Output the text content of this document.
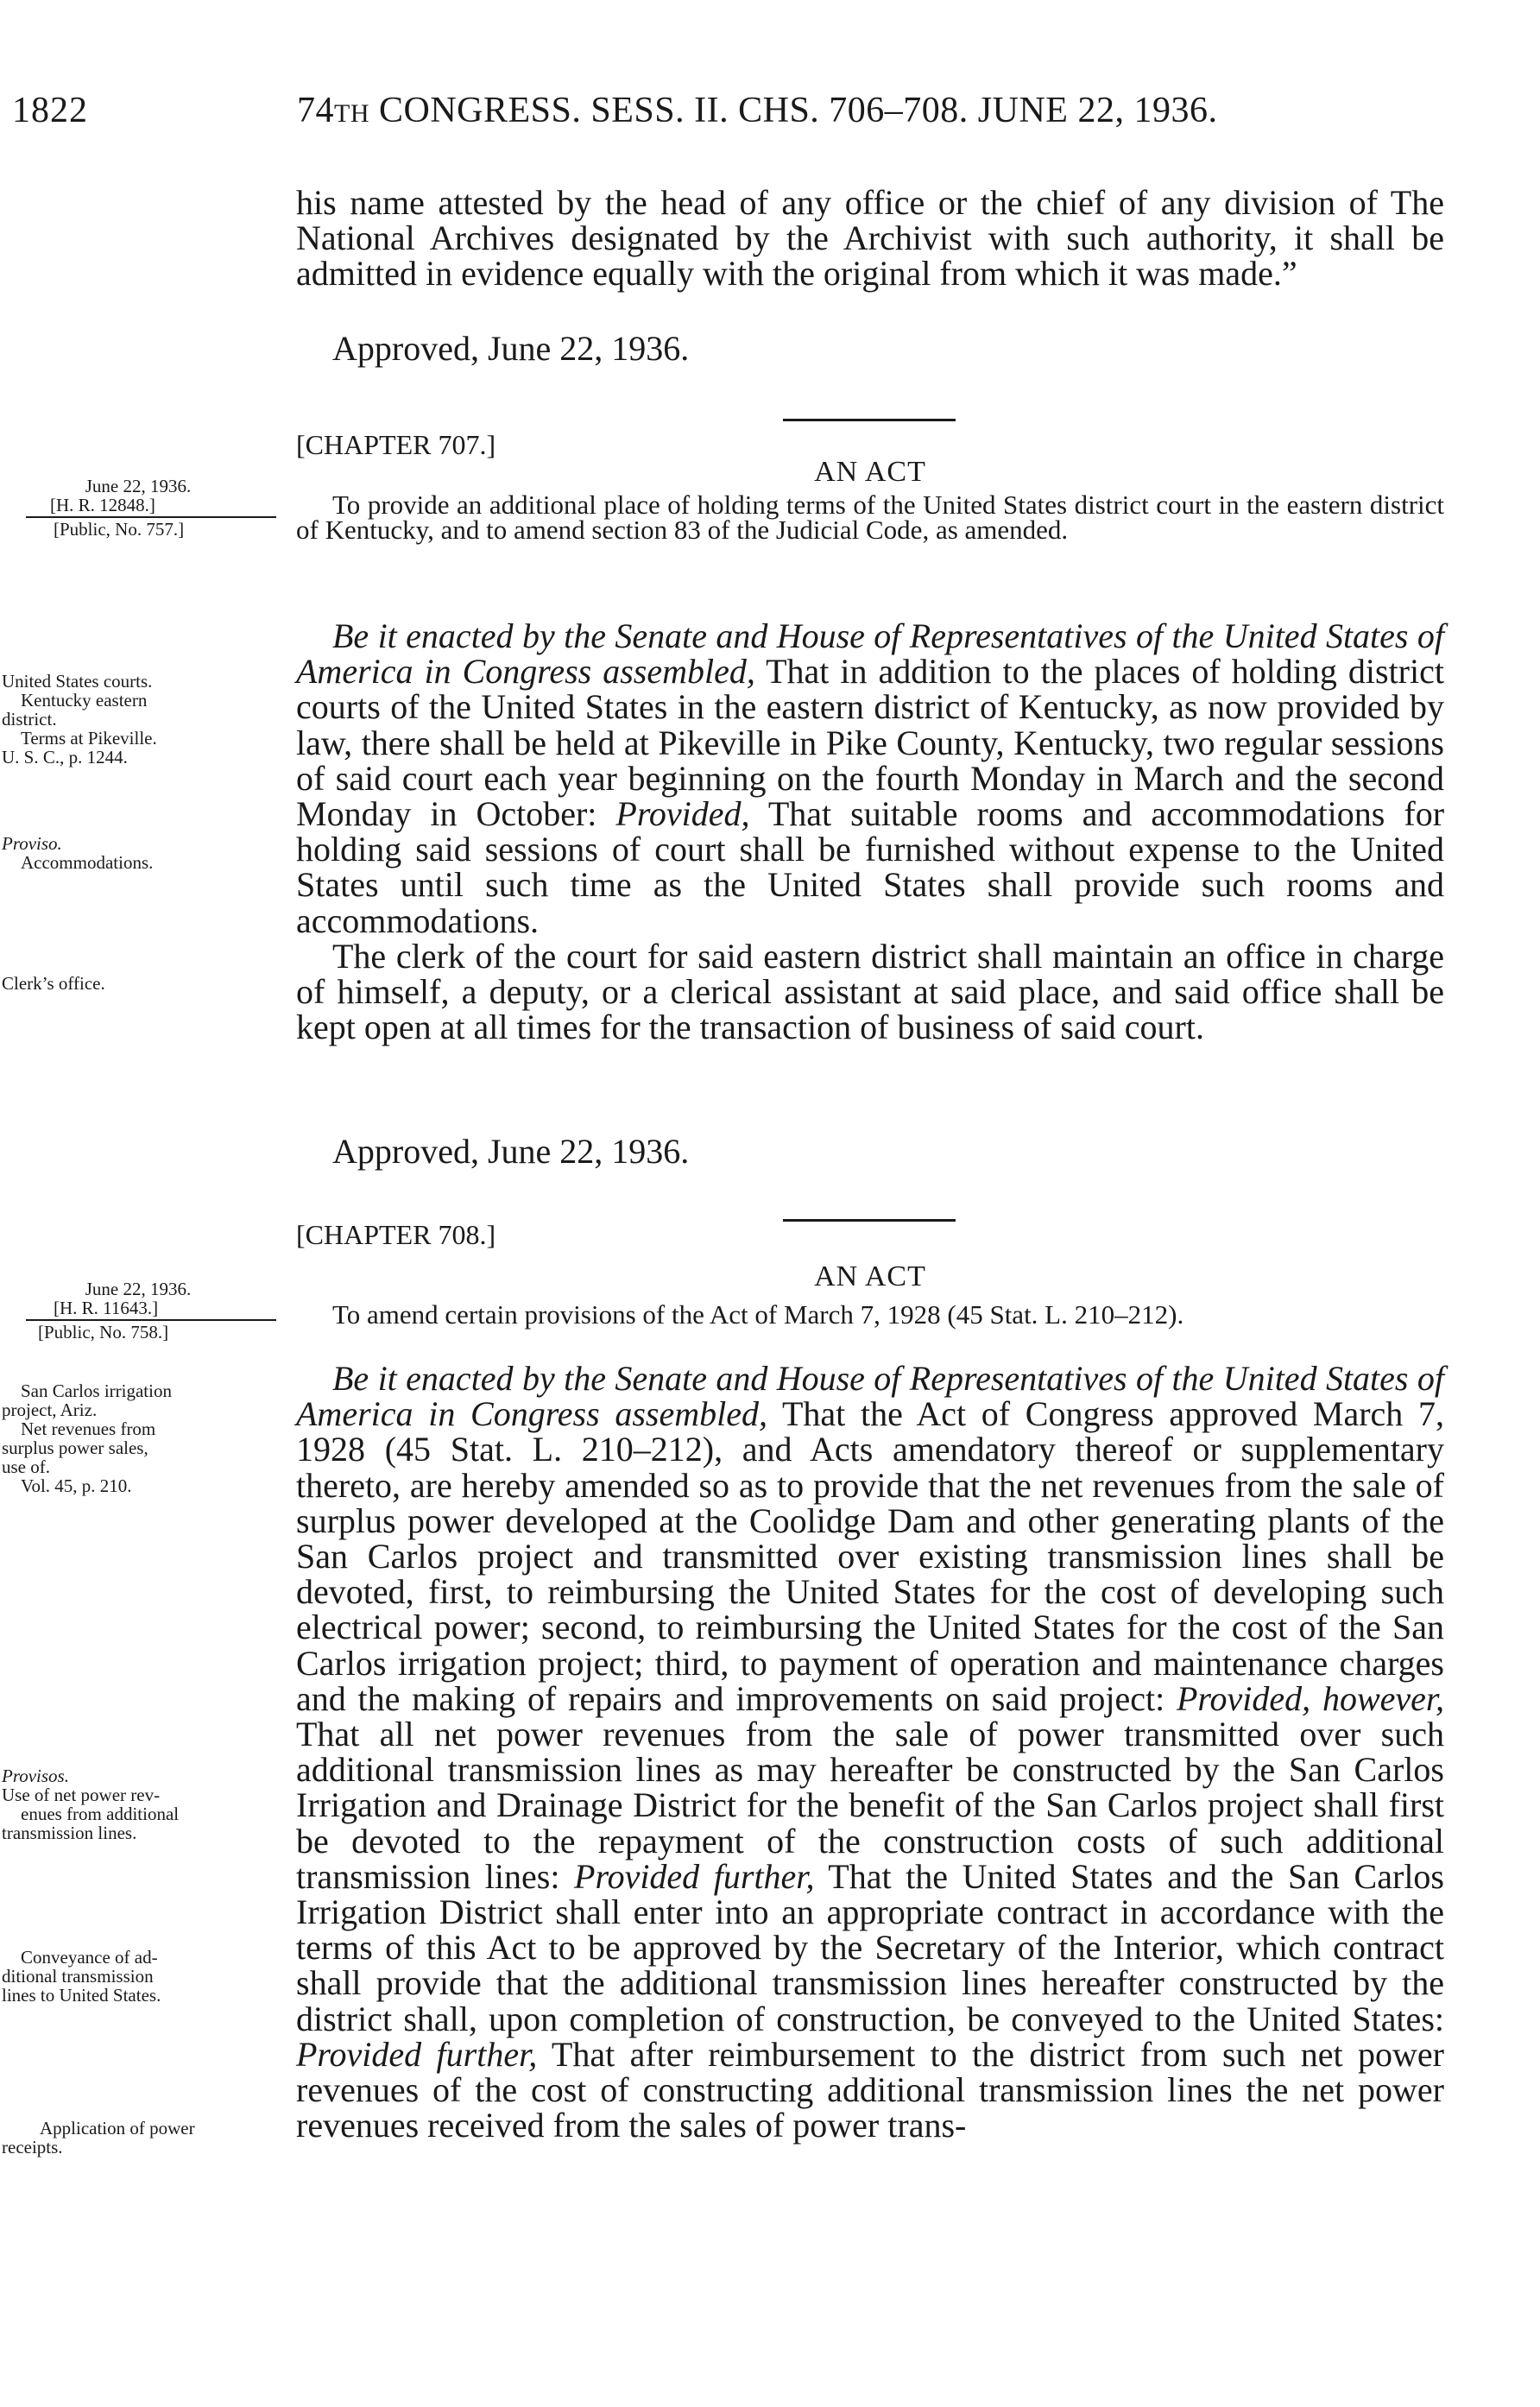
1822	74TH CONGRESS. SESS. II. CHS. 706–708. JUNE 22, 1936.

his name attested by the head of any office or the chief of any division of The National Archives designated by the Archivist with such authority, it shall be admitted in evidence equally with the original from which it was made.”

Approved, June 22, 1936.

[CHAPTER 707.]

AN ACT

June 22, 1936.
[H. R. 12848.]
[Public, No. 757.]

To provide an additional place of holding terms of the United States district court in the eastern district of Kentucky, and to amend section 83 of the Judicial Code, as amended.

Be it enacted by the Senate and House of Representatives of the United States of America in Congress assembled, That in addition to the places of holding district courts of the United States in the eastern district of Kentucky, as now provided by law, there shall be held at Pikeville in Pike County, Kentucky, two regular sessions of said court each year beginning on the fourth Monday in March and the second Monday in October: Provided, That suitable rooms and accommodations for holding said sessions of court shall be furnished without expense to the United States until such time as the United States shall provide such rooms and accommodations.

The clerk of the court for said eastern district shall maintain an office in charge of himself, a deputy, or a clerical assistant at said place, and said office shall be kept open at all times for the transaction of business of said court.

Approved, June 22, 1936.

United States courts.
Kentucky eastern
district.
Terms at Pikeville.
U. S. C., p. 1244.
Proviso.
Accommodations.
Clerk’s office.

[CHAPTER 708.]

AN ACT

June 22, 1936.
[H. R. 11643.]
[Public, No. 758.]

To amend certain provisions of the Act of March 7, 1928 (45 Stat. L. 210–212).

Be it enacted by the Senate and House of Representatives of the United States of America in Congress assembled, That the Act of Congress approved March 7, 1928 (45 Stat. L. 210–212), and Acts amendatory thereof or supplementary thereto, are hereby amended so as to provide that the net revenues from the sale of surplus power developed at the Coolidge Dam and other generating plants of the San Carlos project and transmitted over existing transmission lines shall be devoted, first, to reimbursing the United States for the cost of developing such electrical power; second, to reimbursing the United States for the cost of the San Carlos irrigation project; third, to payment of operation and maintenance charges and the making of repairs and improvements on said project: Provided, however, That all net power revenues from the sale of power transmitted over such additional transmission lines as may hereafter be constructed by the San Carlos Irrigation and Drainage District for the benefit of the San Carlos project shall first be devoted to the repayment of the construction costs of such additional transmission lines: Provided further, That the United States and the San Carlos Irrigation District shall enter into an appropriate contract in accordance with the terms of this Act to be approved by the Secretary of the Interior, which contract shall provide that the additional transmission lines hereafter constructed by the district shall, upon completion of construction, be conveyed to the United States: Provided further, That after reimbursement to the district from such net power revenues of the cost of constructing additional transmission lines the net power revenues received from the sales of power trans-

San Carlos irrigation
project, Ariz.
Net revenues from
surplus power sales,
use of.
Vol. 45, p. 210.
Provisos.
Use of net power rev-
enues from additional
transmission lines.
Conveyance of ad-
ditional transmission
lines to United States.
Application of power
receipts.
